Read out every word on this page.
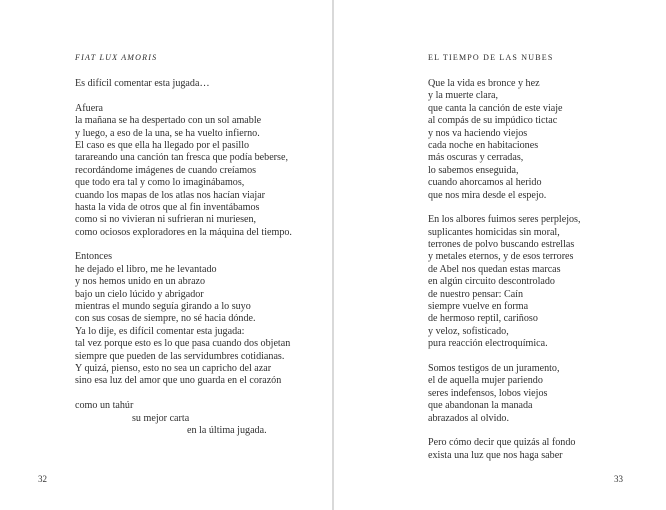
FIAT LUX AMORIS
Es difícil comentar esta jugada…
Afuera
la mañana se ha despertado con un sol amable
y luego, a eso de la una, se ha vuelto infierno.
El caso es que ella ha llegado por el pasillo
tarareando una canción tan fresca que podía beberse,
recordándome imágenes de cuando creíamos
que todo era tal y como lo imaginábamos,
cuando los mapas de los atlas nos hacían viajar
hasta la vida de otros que al fin inventábamos
como si no vivieran ni sufrieran ni muriesen,
como ociosos exploradores en la máquina del tiempo.
Entonces
he dejado el libro, me he levantado
y nos hemos unido en un abrazo
bajo un cielo lúcido y abrigador
mientras el mundo seguía girando a lo suyo
con sus cosas de siempre, no sé hacia dónde.
Ya lo dije, es difícil comentar esta jugada:
tal vez porque esto es lo que pasa cuando dos objetan
siempre que pueden de las servidumbres cotidianas.
Y quizá, pienso, esto no sea un capricho del azar
sino esa luz del amor que uno guarda en el corazón
como un tahúr
su mejor carta
en la última jugada.
32
EL TIEMPO DE LAS NUBES
Que la vida es bronce y hez
y la muerte clara,
que canta la canción de este viaje
al compás de su impúdico tictac
y nos va haciendo viejos
cada noche en habitaciones
más oscuras y cerradas,
lo sabemos enseguida,
cuando ahorcamos al herido
que nos mira desde el espejo.
En los albores fuimos seres perplejos,
suplicantes homicidas sin moral,
terrones de polvo buscando estrellas
y metales eternos, y de esos terrores
de Abel nos quedan estas marcas
en algún circuito descontrolado
de nuestro pensar: Caín
siempre vuelve en forma
de hermoso reptil, cariñoso
y veloz, sofisticado,
pura reacción electroquímica.
Somos testigos de un juramento,
el de aquella mujer pariendo
seres indefensos, lobos viejos
que abandonan la manada
abrazados al olvido.
Pero cómo decir que quizás al fondo
exista una luz que nos haga saber
33
